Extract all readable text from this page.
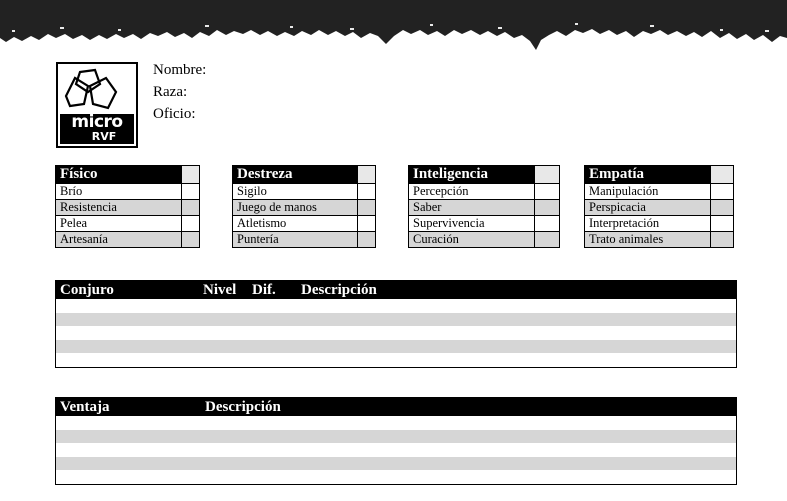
micro
RVF
Nombre:
Raza:
Oficio:
Físico	
Brío	
Resistencia	
Pelea	
Artesanía	
Destreza	
Sigilo	
Juego de manos	
Atletismo	
Puntería	
Inteligencia	
Percepción	
Saber	
Supervivencia	
Curación	
Empatía	
Manipulación	
Perspicacia	
Interpretación	
Trato animales	
Conjuro	Nivel Dif. Descripción
Ventaja	Descripción
